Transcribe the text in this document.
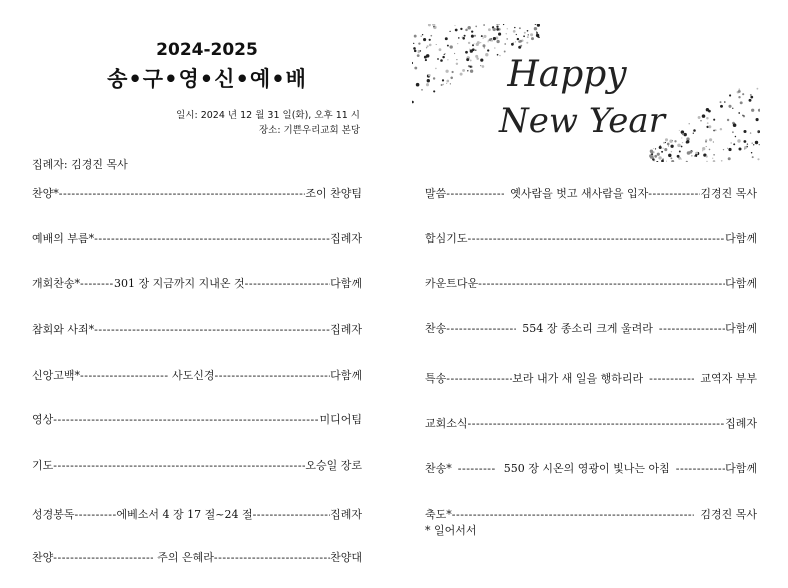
2024-2025
송•구•영•신•예•배
일시: 2024 년 12 월 31 일(화), 오후 11 시
장소: 기쁜우리교회 본당
집례자: 김경진 목사
찬양* -----	조이 찬양팀
예배의 부름* -----	집례자
개회찬송* -----	301 장 지금까지 지내온 것 -----	다함께
참회와 사죄* -----	집례자
신앙고백* -----	사도신경 -----	다함께
영상 -----	미디어팀
기도 -----	오승일 장로
성경봉독 -----	에베소서 4 장 17 절~24 절 -----	집례자
찬양 -----	주의 은혜라 -----	찬양대
Happy
New Year
말씀 -----	옛사람을 벗고 새사람을 입자 -----	김경진 목사
합심기도 -----	다함께
카운트다운 -----	다함께
찬송 -----	554 장 종소리 크게 울려라 -----	다함께
특송 -----	보라 내가 새 일을 행하리라 -----	교역자 부부
교회소식 -----	집례자
찬송* -----	550 장 시온의 영광이 빛나는 아침 -----	다함께
축도* -----	김경진 목사
* 일어서서
